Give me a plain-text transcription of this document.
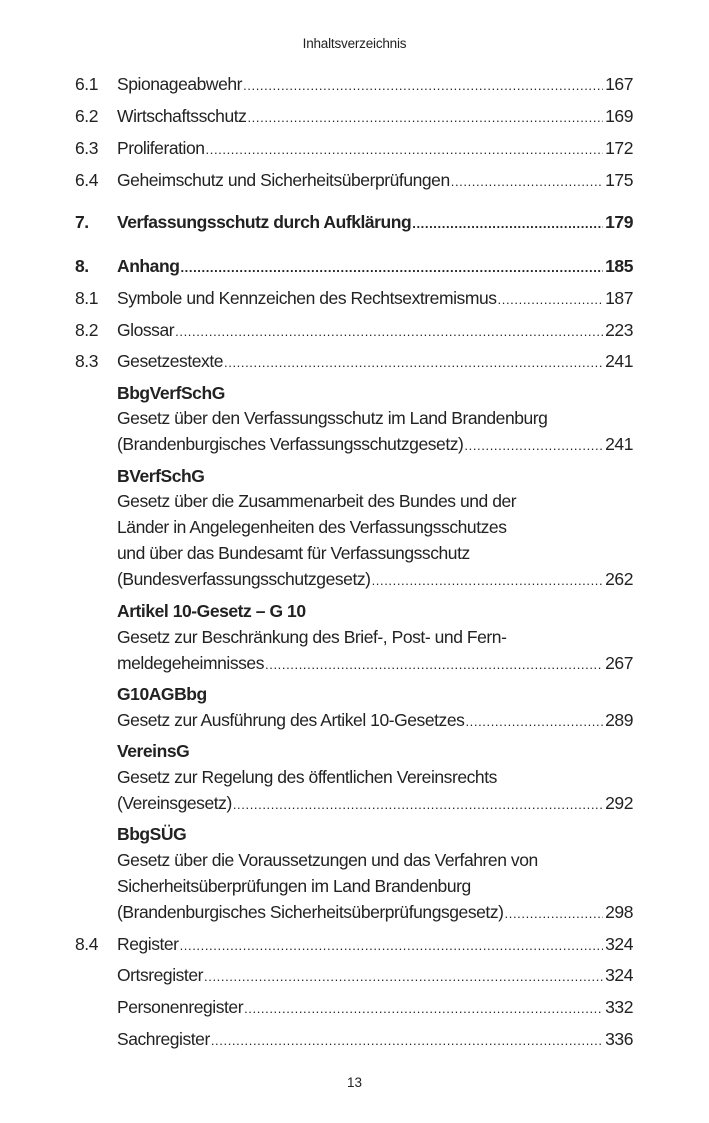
Inhaltsverzeichnis
6.1 Spionageabwehr .....	167
6.2 Wirtschaftsschutz .....	169
6.3 Proliferation .....	172
6.4 Geheimschutz und Sicherheitsüberprüfungen .....	175
7. Verfassungsschutz durch Aufklärung .....	179
8. Anhang .....	185
8.1 Symbole und Kennzeichen des Rechtsextremismus .....	187
8.2 Glossar .....	223
8.3 Gesetzestexte .....	241
BbgVerfSchG
Gesetz über den Verfassungsschutz im Land Brandenburg
(Brandenburgisches Verfassungsschutzgesetz) .....	241
BVerfSchG
Gesetz über die Zusammenarbeit des Bundes und der
Länder in Angelegenheiten des Verfassungsschutzes
und über das Bundesamt für Verfassungsschutz
(Bundesverfassungsschutzgesetz) .....	262
Artikel 10-Gesetz – G 10
Gesetz zur Beschränkung des Brief-, Post- und Fern-
meldegeheimnisses .....	267
G10AGBbg
Gesetz zur Ausführung des Artikel 10-Gesetzes .....	289
VereinsG
Gesetz zur Regelung des öffentlichen Vereinsrechts
(Vereinsgesetz) .....	292
BbgSÜG
Gesetz über die Voraussetzungen und das Verfahren von
Sicherheitsüberprüfungen im Land Brandenburg
(Brandenburgisches Sicherheitsüberprüfungsgesetz) .....	298
8.4 Register .....	324
Ortsregister .....	324
Personenregister .....	332
Sachregister .....	336
13
